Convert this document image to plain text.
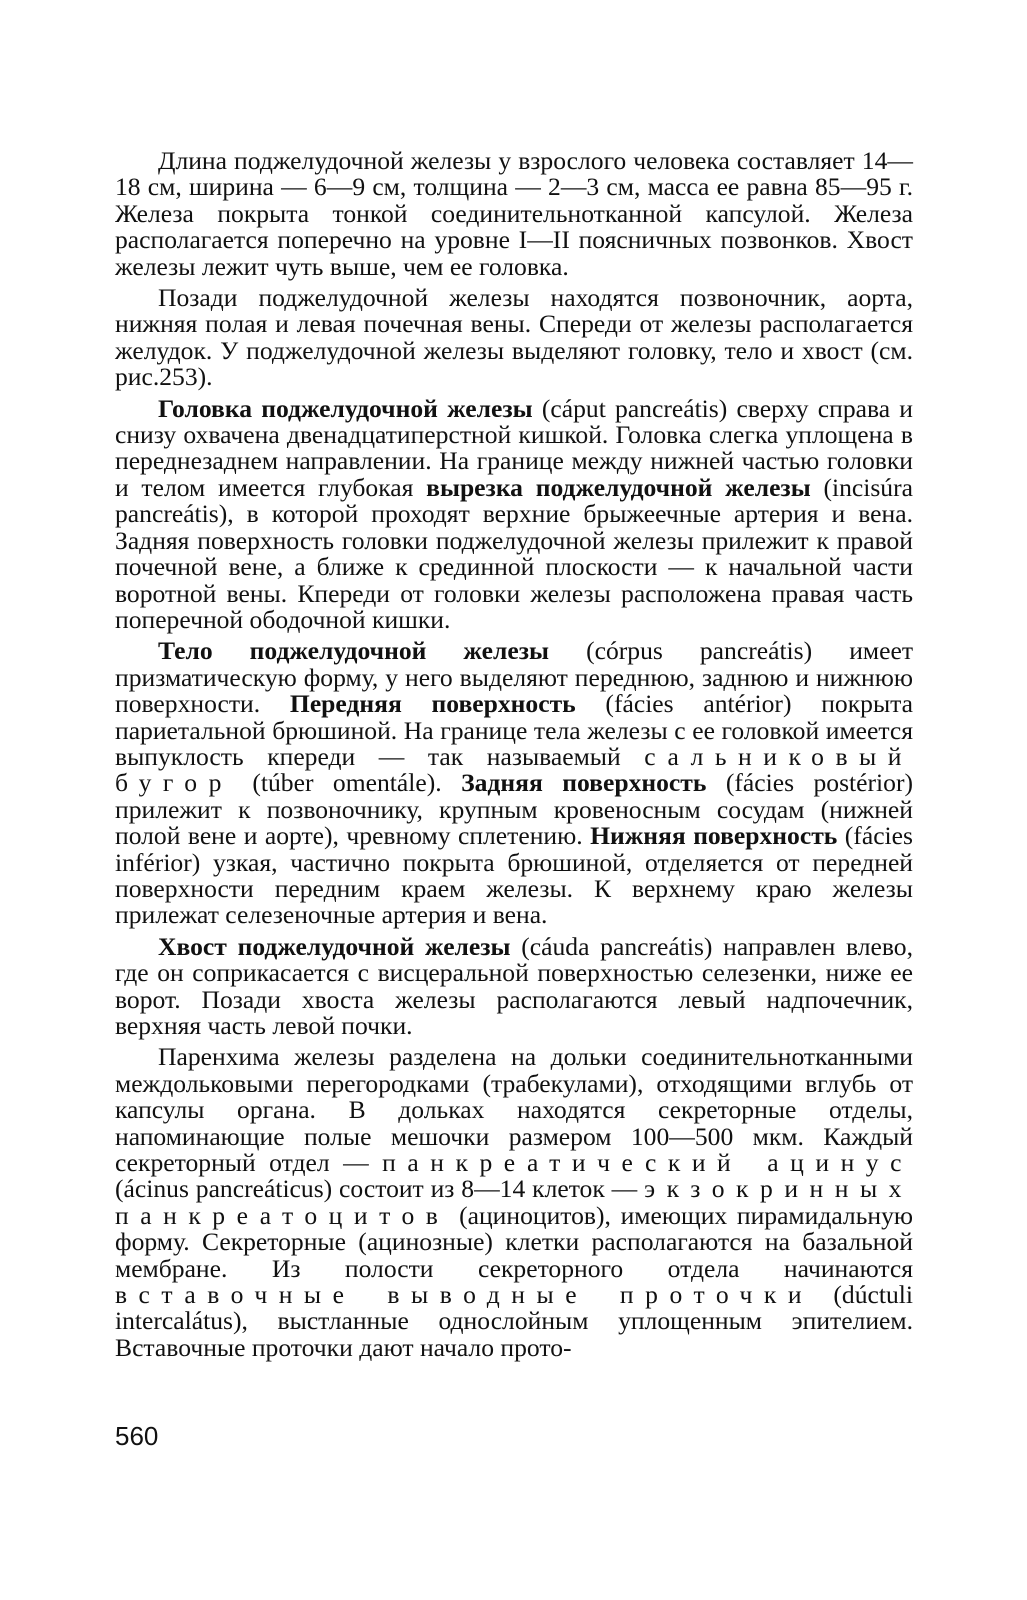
Длина поджелудочной железы у взрослого человека составляет 14—18 см, ширина — 6—9 см, толщина — 2—3 см, масса ее равна 85—95 г. Железа покрыта тонкой соединительнотканной капсулой. Железа располагается поперечно на уровне I—II поясничных позвонков. Хвост железы лежит чуть выше, чем ее головка.

Позади поджелудочной железы находятся позвоночник, аорта, нижняя полая и левая почечная вены. Спереди от железы располагается желудок. У поджелудочной железы выделяют головку, тело и хвост (см. рис.253).

Головка поджелудочной железы (cáput pancreátis) сверху справа и снизу охвачена двенадцатиперстной кишкой. Головка слегка уплощена в переднезаднем направлении. На границе между нижней частью головки и телом имеется глубокая вырезка поджелудочной железы (incisúra pancreátis), в которой проходят верхние брыжеечные артерия и вена. Задняя поверхность головки поджелудочной железы прилежит к правой почечной вене, а ближе к срединной плоскости — к начальной части воротной вены. Кпереди от головки железы расположена правая часть поперечной ободочной кишки.

Тело поджелудочной железы (córpus pancreátis) имеет призматическую форму, у него выделяют переднюю, заднюю и нижнюю поверхности. Передняя поверхность (fácies antérior) покрыта париетальной брюшиной. На границе тела железы с ее головкой имеется выпуклость кпереди — так называемый сальниковый бугор (túber omentále). Задняя поверхность (fácies postérior) прилежит к позвоночнику, крупным кровеносным сосудам (нижней полой вене и аорте), чревному сплетению. Нижняя поверхность (fácies inférior) узкая, частично покрыта брюшиной, отделяется от передней поверхности передним краем железы. К верхнему краю железы прилежат селезеночные артерия и вена.

Хвост поджелудочной железы (cáuda pancreátis) направлен влево, где он соприкасается с висцеральной поверхностью селезенки, ниже ее ворот. Позади хвоста железы располагаются левый надпочечник, верхняя часть левой почки.

Паренхима железы разделена на дольки соединительнотканными междольковыми перегородками (трабекулами), отходящими вглубь от капсулы органа. В дольках находятся секреторные отделы, напоминающие полые мешочки размером 100—500 мкм. Каждый секреторный отдел — панкреатический ацинус (ácinus pancreáticus) состоит из 8—14 клеток — экзокринных панкреатоцитов (ациноцитов), имеющих пирамидальную форму. Секреторные (ацинозные) клетки располагаются на базальной мембране. Из полости секреторного отдела начинаются вставочные выводные проточки (dúctuli intercalátus), выстланные однослойным уплощенным эпителием. Вставочные проточки дают начало прото-

560
